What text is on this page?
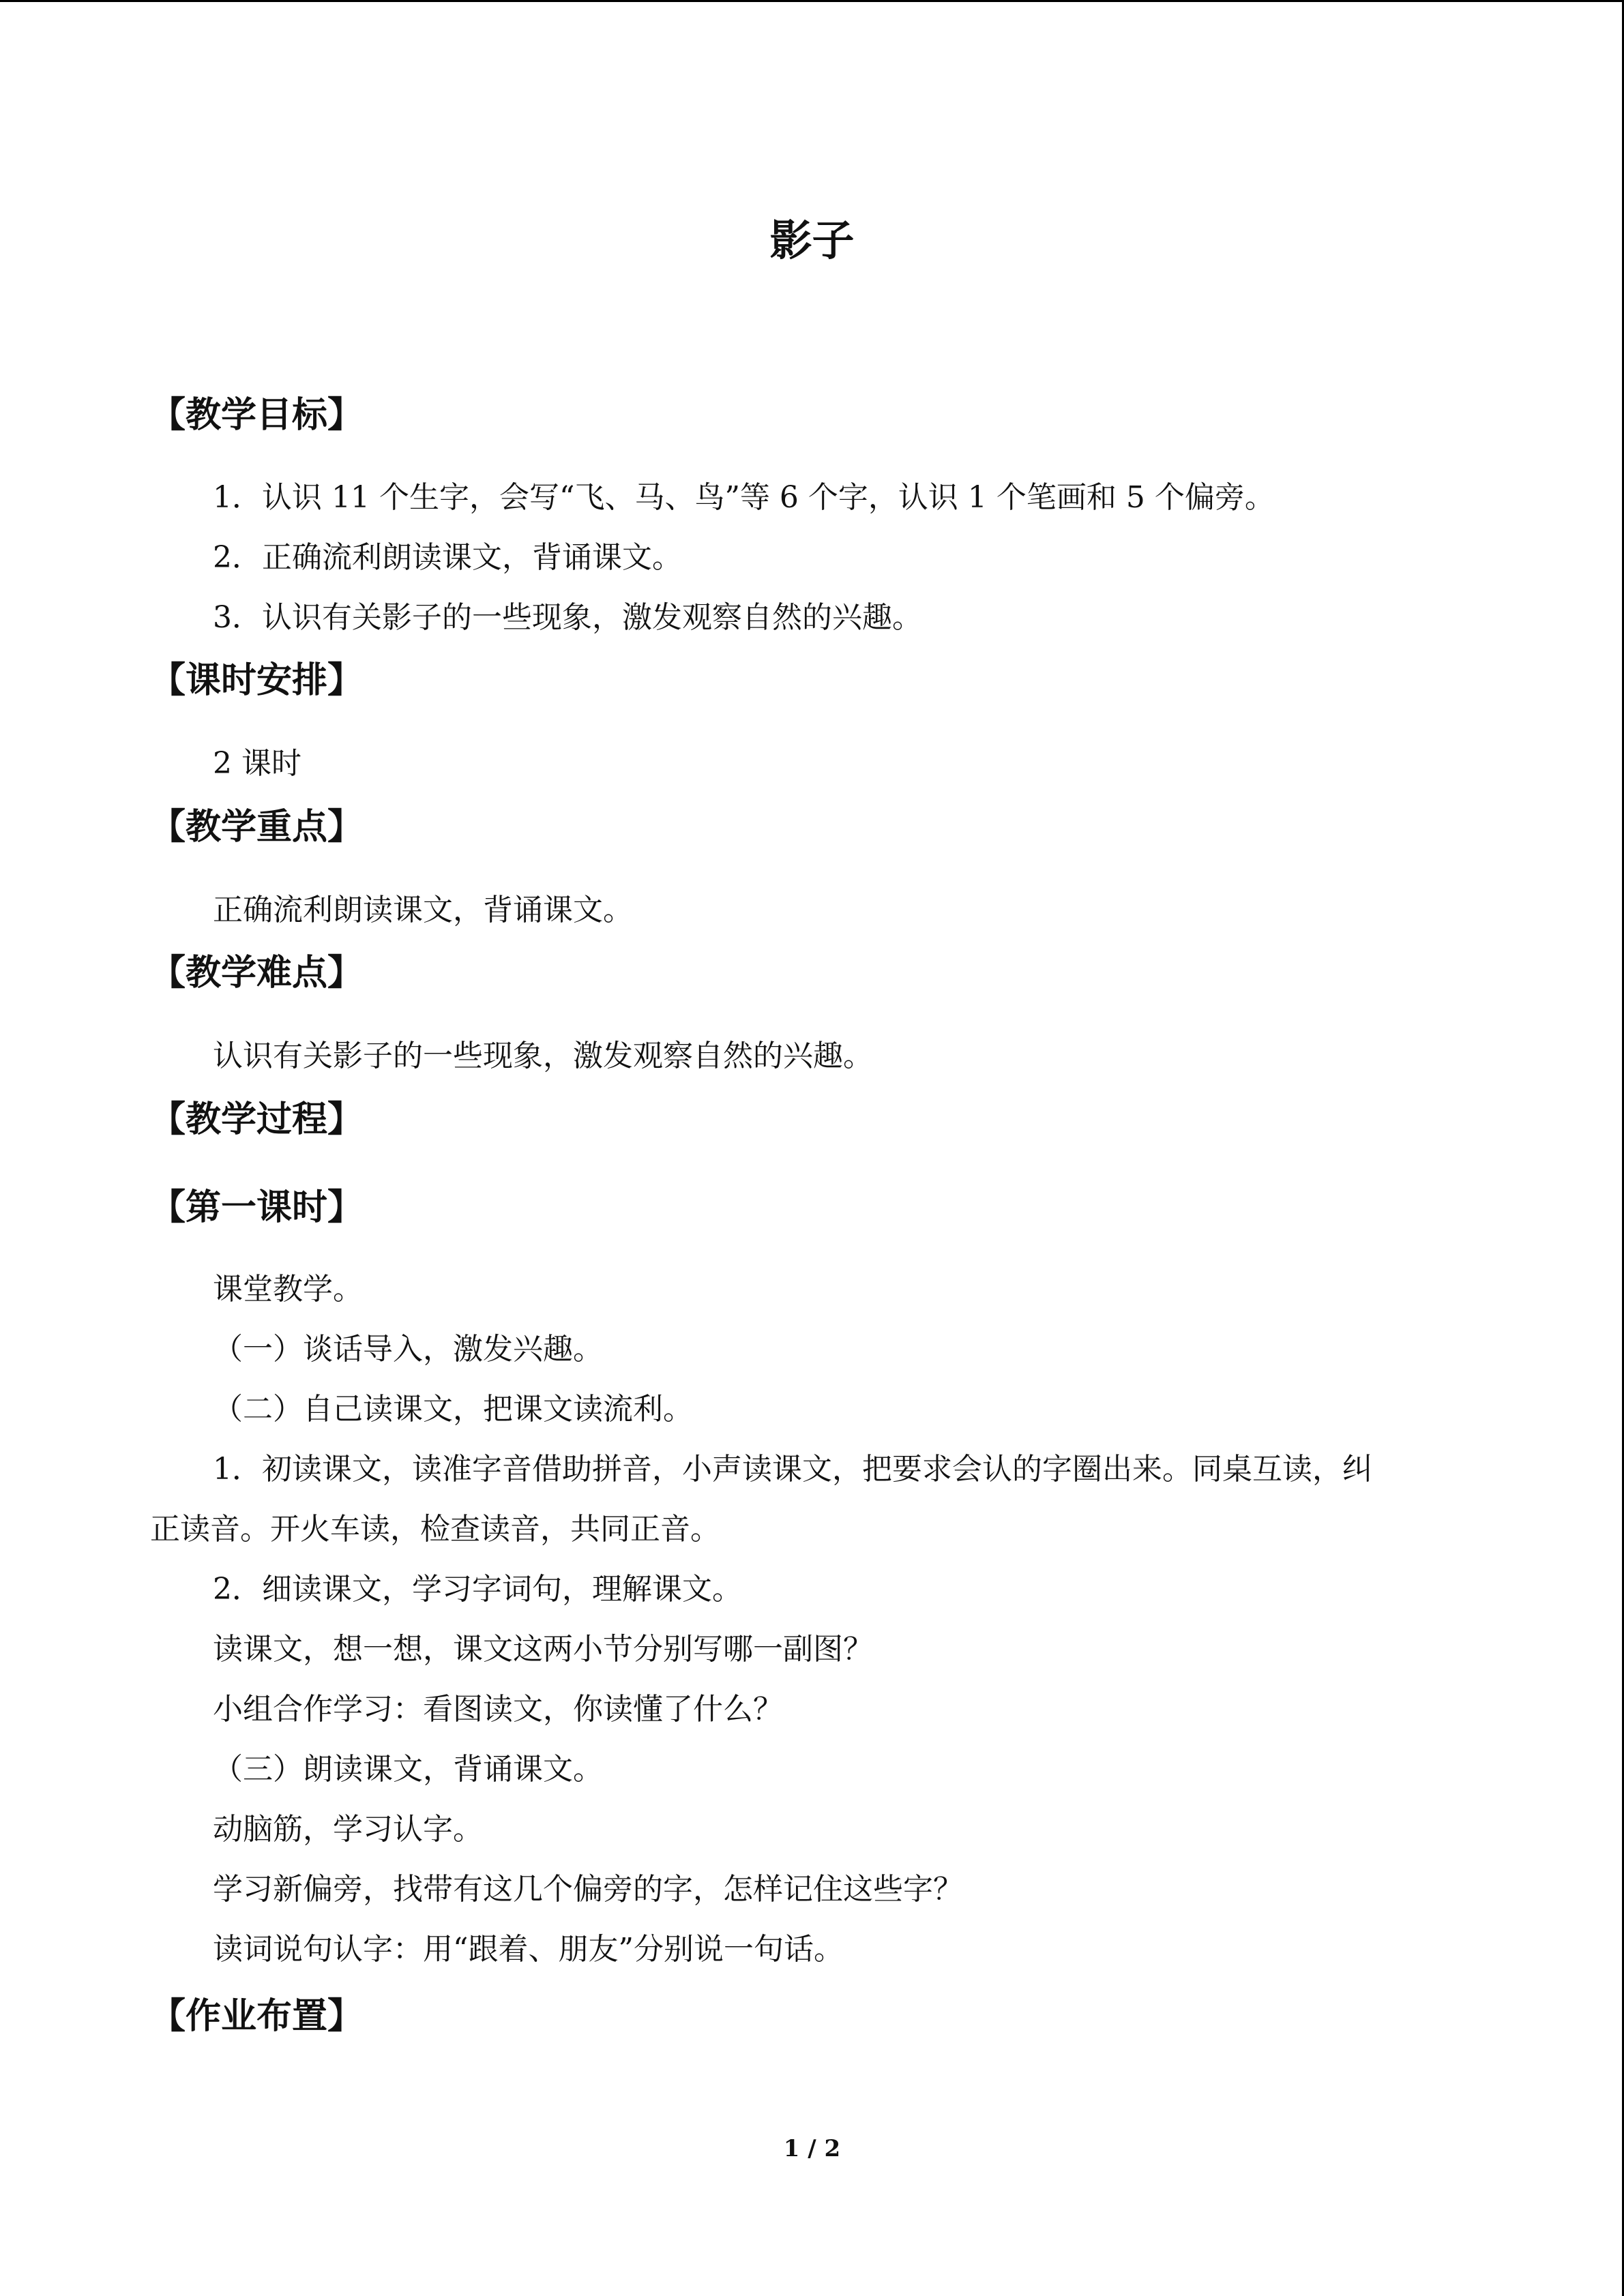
影子
【教学目标】
1．认识 11 个生字，会写“飞、马、鸟”等 6 个字，认识 1 个笔画和 5 个偏旁。
2．正确流利朗读课文，背诵课文。
3．认识有关影子的一些现象，激发观察自然的兴趣。
【课时安排】
2 课时
【教学重点】
正确流利朗读课文，背诵课文。
【教学难点】
认识有关影子的一些现象，激发观察自然的兴趣。
【教学过程】
【第一课时】
课堂教学。
（一）谈话导入，激发兴趣。
（二）自己读课文，把课文读流利。
1．初读课文，读准字音借助拼音，小声读课文，把要求会认的字圈出来。同桌互读，纠
正读音。开火车读，检查读音，共同正音。
2．细读课文，学习字词句，理解课文。
读课文，想一想，课文这两小节分别写哪一副图？
小组合作学习：看图读文，你读懂了什么？
（三）朗读课文，背诵课文。
动脑筋，学习认字。
学习新偏旁，找带有这几个偏旁的字，怎样记住这些字？
读词说句认字：用“跟着、朋友”分别说一句话。
【作业布置】
1 / 2
